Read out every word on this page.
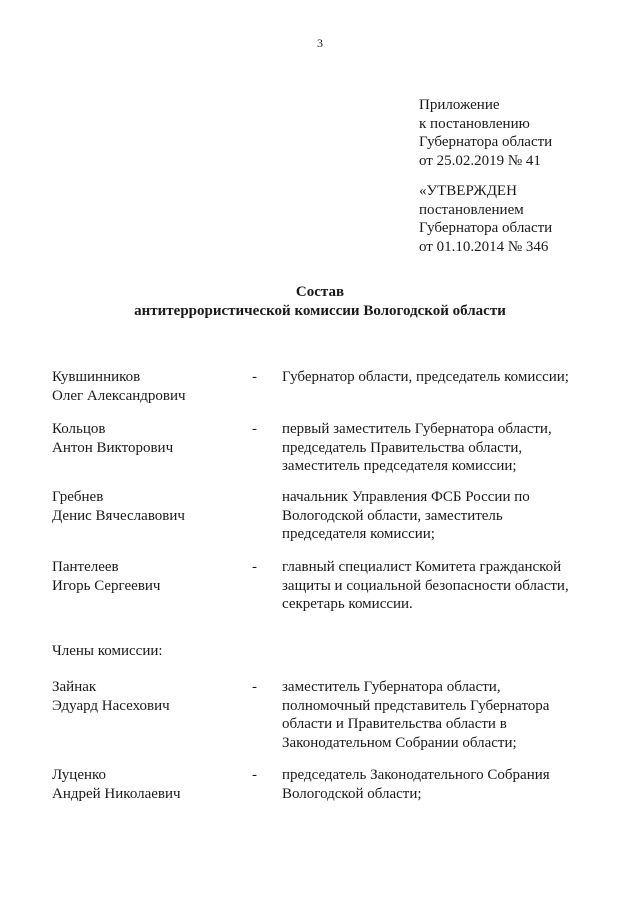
3
Приложение
к постановлению
Губернатора области
от 25.02.2019 № 41
«УТВЕРЖДЕН
постановлением
Губернатора области
от 01.10.2014 № 346
Состав
антитеррористической комиссии Вологодской области
Кувшинников
Олег Александрович
-	Губернатор области, председатель комиссии;
Кольцов
Антон Викторович
-	первый заместитель Губернатора области,
председатель Правительства области,
заместитель председателя комиссии;
Гребнев
Денис Вячеславович
начальник Управления ФСБ России по
Вологодской области, заместитель
председателя комиссии;
Пантелеев
Игорь Сергеевич
-	главный специалист Комитета гражданской
защиты и социальной безопасности области,
секретарь комиссии.
Члены комиссии:
Зайнак
Эдуард Насехович
-	заместитель Губернатора области,
полномочный представитель Губернатора
области и Правительства области в
Законодательном Собрании области;
Луценко
Андрей Николаевич
-	председатель Законодательного Собрания
Вологодской области;
